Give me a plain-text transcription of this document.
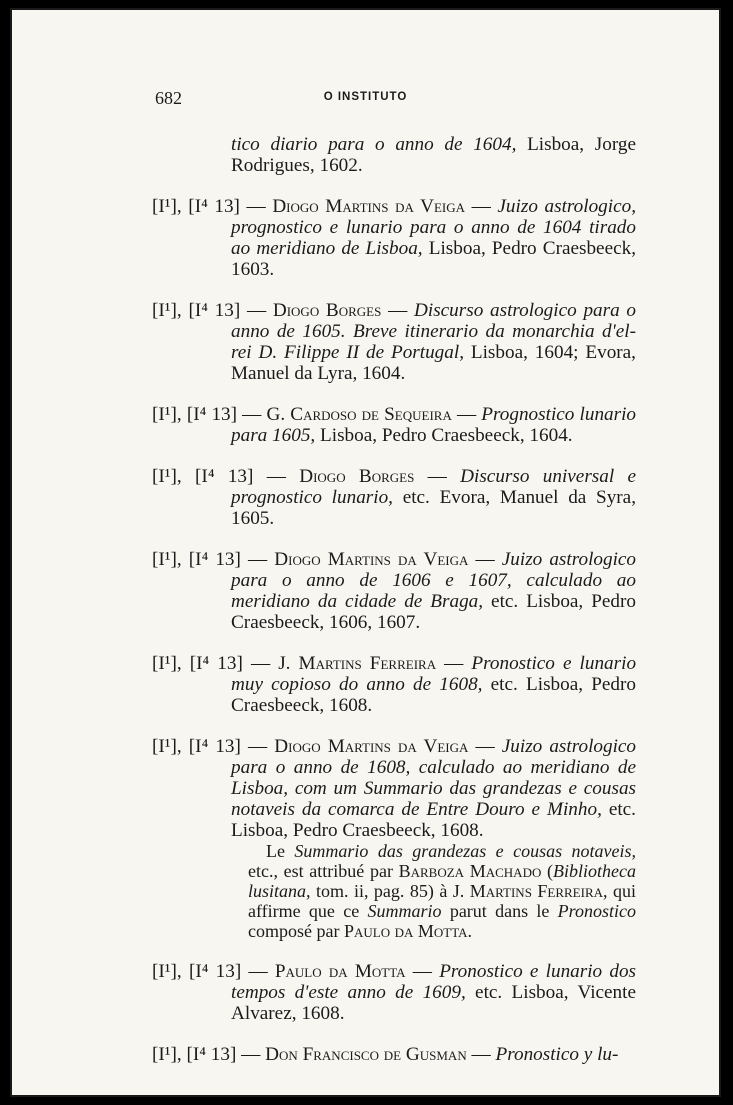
682	O INSTITUTO
tico diario para o anno de 1604, Lisboa, Jorge Rodrigues, 1602.
[I¹], [I⁴ 13] — Diogo Martins da Veiga — Juizo astrologico, prognostico e lunario para o anno de 1604 tirado ao meridiano de Lisboa, Lisboa, Pedro Craesbeeck, 1603.
[I¹], [I⁴ 13] — Diogo Borges — Discurso astrologico para o anno de 1605. Breve itinerario da monarchia d'el-rei D. Filippe II de Portugal, Lisboa, 1604; Evora, Manuel da Lyra, 1604.
[I¹], [I⁴ 13] — G. Cardoso de Sequeira — Prognostico lunario para 1605, Lisboa, Pedro Craesbeeck, 1604.
[I¹], [I⁴ 13] — Diogo Borges — Discurso universal e prognostico lunario, etc. Evora, Manuel da Syra, 1605.
[I¹], [I⁴ 13] — Diogo Martins da Veiga — Juizo astrologico para o anno de 1606 e 1607, calculado ao meridiano da cidade de Braga, etc. Lisboa, Pedro Craesbeeck, 1606, 1607.
[I¹], [I⁴ 13] — J. Martins Ferreira — Pronostico e lunario muy copioso do anno de 1608, etc. Lisboa, Pedro Craesbeeck, 1608.
[I¹], [I⁴ 13] — Diogo Martins da Veiga — Juizo astrologico para o anno de 1608, calculado ao meridiano de Lisboa, com um Summario das grandezas e cousas notaveis da comarca de Entre Douro e Minho, etc. Lisboa, Pedro Craesbeeck, 1608.
Le Summario das grandezas e cousas notaveis, etc., est attribué par Barboza Machado (Bibliotheca lusitana, tom. ii, pag. 85) à J. Martins Ferreira, qui affirme que ce Summario parut dans le Pronostico composé par Paulo da Motta.
[I¹], [I⁴ 13] — Paulo da Motta — Pronostico e lunario dos tempos d'este anno de 1609, etc. Lisboa, Vicente Alvarez, 1608.
[I¹], [I⁴ 13] — Don Francisco de Gusman — Pronostico y lu-
